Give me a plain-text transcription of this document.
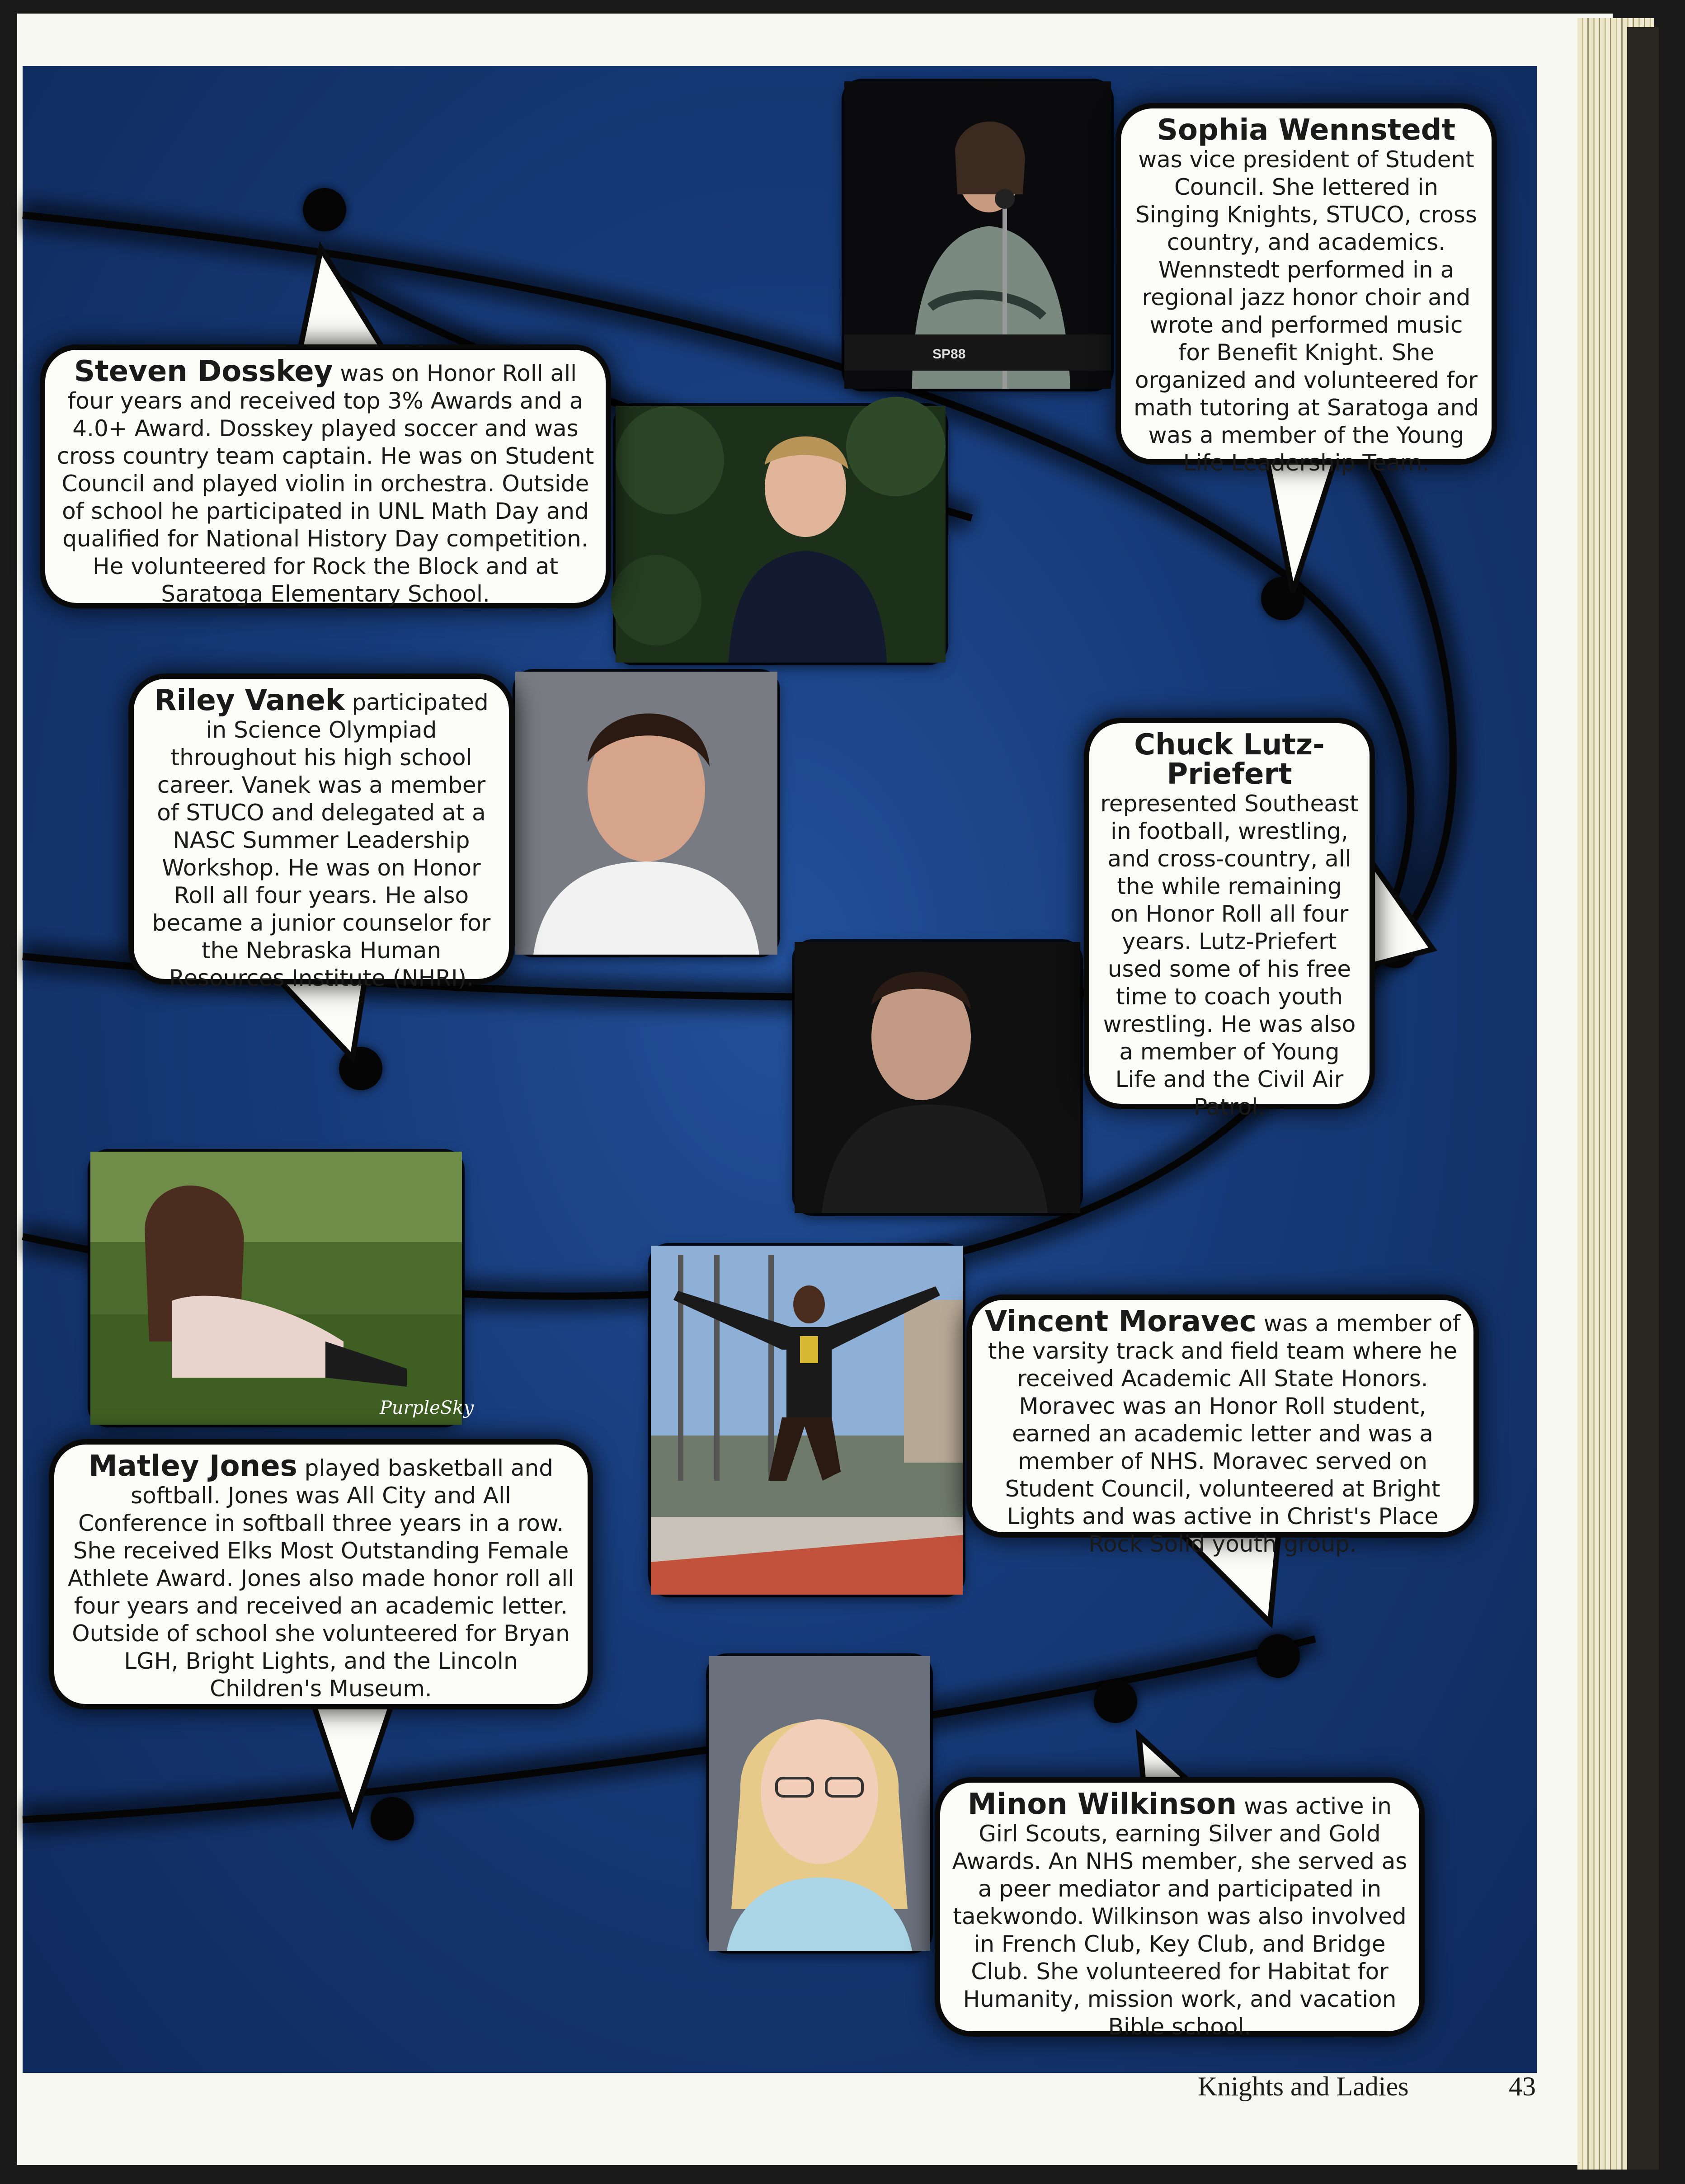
SP88
PurpleSky
Sophia Wennstedt was vice president of Student Council. She lettered in Singing Knights, STUCO, cross country, and academics. Wennstedt performed in a regional jazz honor choir and wrote and performed music for Benefit Knight. She organized and volunteered for math tutoring at Saratoga and was a member of the Young Life Leadership Team.
Steven Dosskey was on Honor Roll all four years and received top 3% Awards and a 4.0+ Award. Dosskey played soccer and was cross country team captain. He was on Student Council and played violin in orchestra. Outside of school he participated in UNL Math Day and qualified for National History Day competition. He volunteered for Rock the Block and at Saratoga Elementary School.
Riley Vanek participated in Science Olympiad throughout his high school career. Vanek was a member of STUCO and delegated at a NASC Summer Leadership Workshop. He was on Honor Roll all four years. He also became a junior counselor for the Nebraska Human Resources Institute (NHRI).
Chuck Lutz-Priefert represented Southeast in football, wrestling, and cross-country, all the while remaining on Honor Roll all four years. Lutz-Priefert used some of his free time to coach youth wrestling. He was also a member of Young Life and the Civil Air Patrol.
Matley Jones played basketball and softball. Jones was All City and All Conference in softball three years in a row. She received Elks Most Outstanding Female Athlete Award. Jones also made honor roll all four years and received an academic letter. Outside of school she volunteered for Bryan LGH, Bright Lights, and the Lincoln Children's Museum.
Vincent Moravec was a member of the varsity track and field team where he received Academic All State Honors. Moravec was an Honor Roll student, earned an academic letter and was a member of NHS. Moravec served on Student Council, volunteered at Bright Lights and was active in Christ's Place Rock Solid youth group.
Minon Wilkinson was active in Girl Scouts, earning Silver and Gold Awards. An NHS member, she served as a peer mediator and participated in taekwondo. Wilkinson was also involved in French Club, Key Club, and Bridge Club. She volunteered for Habitat for Humanity, mission work, and vacation Bible school.
Knights and Ladies	43
